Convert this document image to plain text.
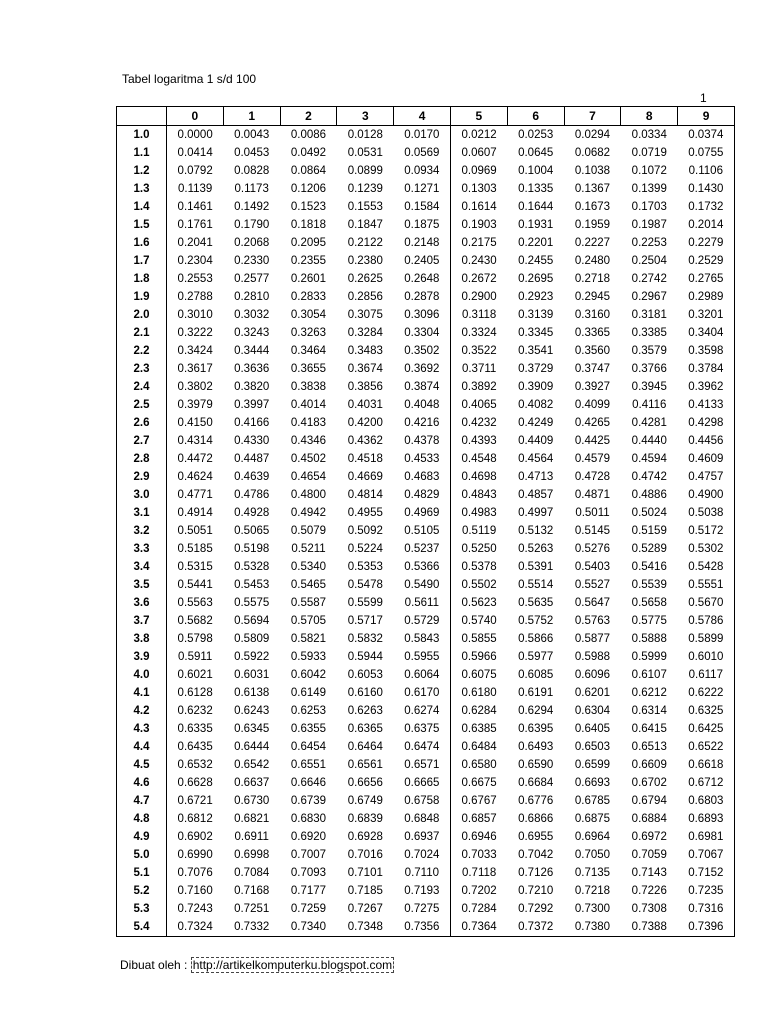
Tabel logaritma 1 s/d 100
1
	0	1	2	3	4	5	6	7	8	9
1.0	0.0000	0.0043	0.0086	0.0128	0.0170	0.0212	0.0253	0.0294	0.0334	0.0374
1.1	0.0414	0.0453	0.0492	0.0531	0.0569	0.0607	0.0645	0.0682	0.0719	0.0755
1.2	0.0792	0.0828	0.0864	0.0899	0.0934	0.0969	0.1004	0.1038	0.1072	0.1106
1.3	0.1139	0.1173	0.1206	0.1239	0.1271	0.1303	0.1335	0.1367	0.1399	0.1430
1.4	0.1461	0.1492	0.1523	0.1553	0.1584	0.1614	0.1644	0.1673	0.1703	0.1732
1.5	0.1761	0.1790	0.1818	0.1847	0.1875	0.1903	0.1931	0.1959	0.1987	0.2014
1.6	0.2041	0.2068	0.2095	0.2122	0.2148	0.2175	0.2201	0.2227	0.2253	0.2279
1.7	0.2304	0.2330	0.2355	0.2380	0.2405	0.2430	0.2455	0.2480	0.2504	0.2529
1.8	0.2553	0.2577	0.2601	0.2625	0.2648	0.2672	0.2695	0.2718	0.2742	0.2765
1.9	0.2788	0.2810	0.2833	0.2856	0.2878	0.2900	0.2923	0.2945	0.2967	0.2989
2.0	0.3010	0.3032	0.3054	0.3075	0.3096	0.3118	0.3139	0.3160	0.3181	0.3201
2.1	0.3222	0.3243	0.3263	0.3284	0.3304	0.3324	0.3345	0.3365	0.3385	0.3404
2.2	0.3424	0.3444	0.3464	0.3483	0.3502	0.3522	0.3541	0.3560	0.3579	0.3598
2.3	0.3617	0.3636	0.3655	0.3674	0.3692	0.3711	0.3729	0.3747	0.3766	0.3784
2.4	0.3802	0.3820	0.3838	0.3856	0.3874	0.3892	0.3909	0.3927	0.3945	0.3962
2.5	0.3979	0.3997	0.4014	0.4031	0.4048	0.4065	0.4082	0.4099	0.4116	0.4133
2.6	0.4150	0.4166	0.4183	0.4200	0.4216	0.4232	0.4249	0.4265	0.4281	0.4298
2.7	0.4314	0.4330	0.4346	0.4362	0.4378	0.4393	0.4409	0.4425	0.4440	0.4456
2.8	0.4472	0.4487	0.4502	0.4518	0.4533	0.4548	0.4564	0.4579	0.4594	0.4609
2.9	0.4624	0.4639	0.4654	0.4669	0.4683	0.4698	0.4713	0.4728	0.4742	0.4757
3.0	0.4771	0.4786	0.4800	0.4814	0.4829	0.4843	0.4857	0.4871	0.4886	0.4900
3.1	0.4914	0.4928	0.4942	0.4955	0.4969	0.4983	0.4997	0.5011	0.5024	0.5038
3.2	0.5051	0.5065	0.5079	0.5092	0.5105	0.5119	0.5132	0.5145	0.5159	0.5172
3.3	0.5185	0.5198	0.5211	0.5224	0.5237	0.5250	0.5263	0.5276	0.5289	0.5302
3.4	0.5315	0.5328	0.5340	0.5353	0.5366	0.5378	0.5391	0.5403	0.5416	0.5428
3.5	0.5441	0.5453	0.5465	0.5478	0.5490	0.5502	0.5514	0.5527	0.5539	0.5551
3.6	0.5563	0.5575	0.5587	0.5599	0.5611	0.5623	0.5635	0.5647	0.5658	0.5670
3.7	0.5682	0.5694	0.5705	0.5717	0.5729	0.5740	0.5752	0.5763	0.5775	0.5786
3.8	0.5798	0.5809	0.5821	0.5832	0.5843	0.5855	0.5866	0.5877	0.5888	0.5899
3.9	0.5911	0.5922	0.5933	0.5944	0.5955	0.5966	0.5977	0.5988	0.5999	0.6010
4.0	0.6021	0.6031	0.6042	0.6053	0.6064	0.6075	0.6085	0.6096	0.6107	0.6117
4.1	0.6128	0.6138	0.6149	0.6160	0.6170	0.6180	0.6191	0.6201	0.6212	0.6222
4.2	0.6232	0.6243	0.6253	0.6263	0.6274	0.6284	0.6294	0.6304	0.6314	0.6325
4.3	0.6335	0.6345	0.6355	0.6365	0.6375	0.6385	0.6395	0.6405	0.6415	0.6425
4.4	0.6435	0.6444	0.6454	0.6464	0.6474	0.6484	0.6493	0.6503	0.6513	0.6522
4.5	0.6532	0.6542	0.6551	0.6561	0.6571	0.6580	0.6590	0.6599	0.6609	0.6618
4.6	0.6628	0.6637	0.6646	0.6656	0.6665	0.6675	0.6684	0.6693	0.6702	0.6712
4.7	0.6721	0.6730	0.6739	0.6749	0.6758	0.6767	0.6776	0.6785	0.6794	0.6803
4.8	0.6812	0.6821	0.6830	0.6839	0.6848	0.6857	0.6866	0.6875	0.6884	0.6893
4.9	0.6902	0.6911	0.6920	0.6928	0.6937	0.6946	0.6955	0.6964	0.6972	0.6981
5.0	0.6990	0.6998	0.7007	0.7016	0.7024	0.7033	0.7042	0.7050	0.7059	0.7067
5.1	0.7076	0.7084	0.7093	0.7101	0.7110	0.7118	0.7126	0.7135	0.7143	0.7152
5.2	0.7160	0.7168	0.7177	0.7185	0.7193	0.7202	0.7210	0.7218	0.7226	0.7235
5.3	0.7243	0.7251	0.7259	0.7267	0.7275	0.7284	0.7292	0.7300	0.7308	0.7316
5.4	0.7324	0.7332	0.7340	0.7348	0.7356	0.7364	0.7372	0.7380	0.7388	0.7396
Dibuat oleh : http://artikelkomputerku.blogspot.com
